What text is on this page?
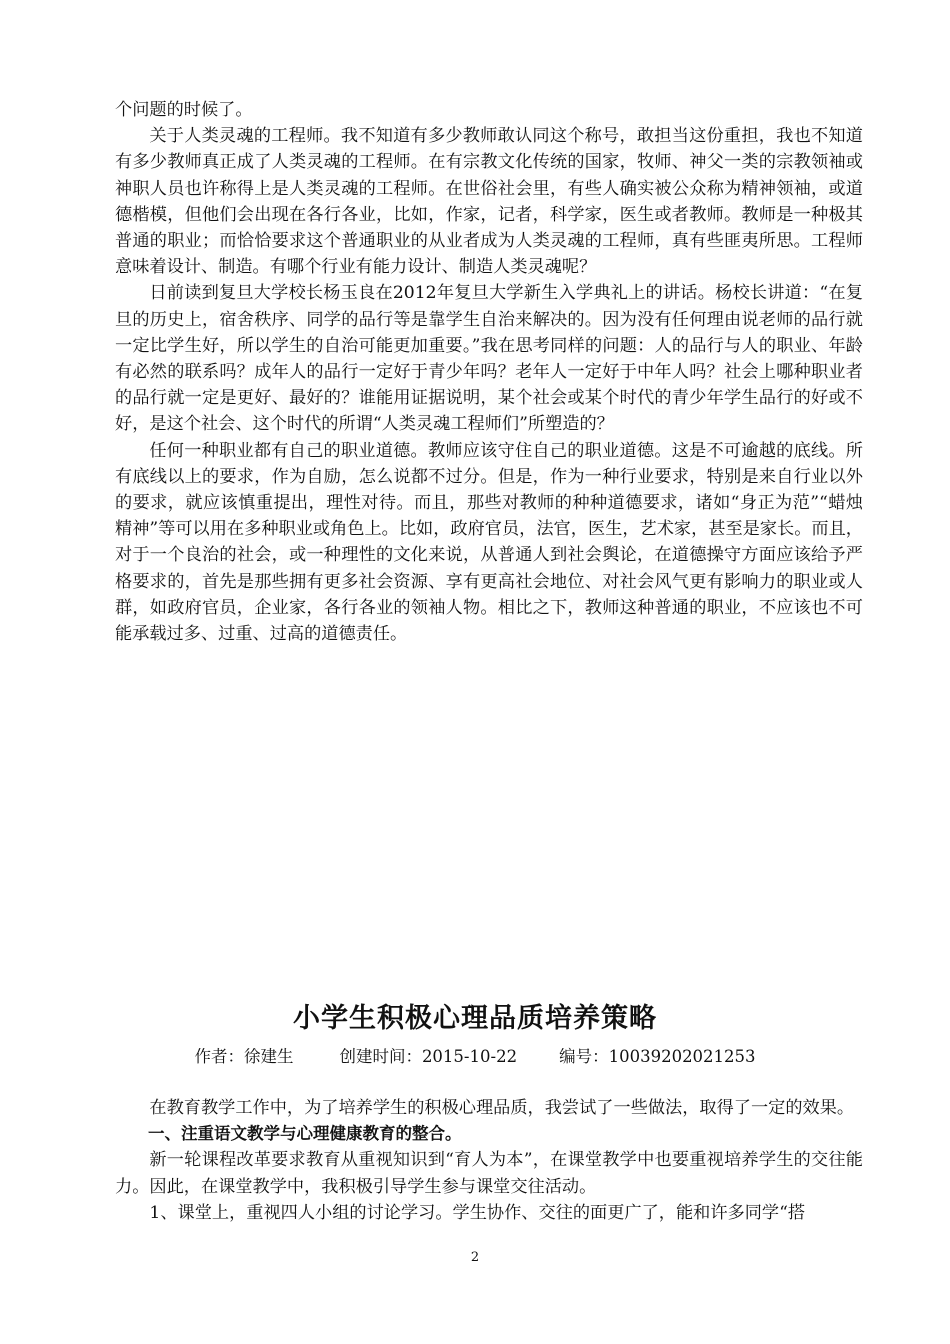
个问题的时候了。

关于人类灵魂的工程师。我不知道有多少教师敢认同这个称号，敢担当这份重担，我也不知道有多少教师真正成了人类灵魂的工程师。在有宗教文化传统的国家，牧师、神父一类的宗教领袖或神职人员也许称得上是人类灵魂的工程师。在世俗社会里，有些人确实被公众称为精神领袖，或道德楷模，但他们会出现在各行各业，比如，作家，记者，科学家，医生或者教师。教师是一种极其普通的职业；而恰恰要求这个普通职业的从业者成为人类灵魂的工程师，真有些匪夷所思。工程师意味着设计、制造。有哪个行业有能力设计、制造人类灵魂呢？

日前读到复旦大学校长杨玉良在2012年复旦大学新生入学典礼上的讲话。杨校长讲道：“在复旦的历史上，宿舍秩序、同学的品行等是靠学生自治来解决的。因为没有任何理由说老师的品行就一定比学生好，所以学生的自治可能更加重要。”我在思考同样的问题：人的品行与人的职业、年龄有必然的联系吗？成年人的品行一定好于青少年吗？老年人一定好于中年人吗？社会上哪种职业者的品行就一定是更好、最好的？谁能用证据说明，某个社会或某个时代的青少年学生品行的好或不好，是这个社会、这个时代的所谓“人类灵魂工程师们”所塑造的？

任何一种职业都有自己的职业道德。教师应该守住自己的职业道德。这是不可逾越的底线。所有底线以上的要求，作为自励，怎么说都不过分。但是，作为一种行业要求，特别是来自行业以外的要求，就应该慎重提出，理性对待。而且，那些对教师的种种道德要求，诸如“身正为范”“蜡烛精神”等可以用在多种职业或角色上。比如，政府官员，法官，医生，艺术家，甚至是家长。而且，对于一个良治的社会，或一种理性的文化来说，从普通人到社会舆论，在道德操守方面应该给予严格要求的，首先是那些拥有更多社会资源、享有更高社会地位、对社会风气更有影响力的职业或人群，如政府官员，企业家，各行各业的领袖人物。相比之下，教师这种普通的职业，不应该也不可能承载过多、过重、过高的道德责任。

小学生积极心理品质培养策略
作者：徐建生	创建时间：2015-10-22	编号：10039202021253

在教育教学工作中，为了培养学生的积极心理品质，我尝试了一些做法，取得了一定的效果。

一、注重语文教学与心理健康教育的整合。

新一轮课程改革要求教育从重视知识到“育人为本”，在课堂教学中也要重视培养学生的交往能力。因此，在课堂教学中，我积极引导学生参与课堂交往活动。

1、课堂上，重视四人小组的讨论学习。学生协作、交往的面更广了，能和许多同学“搭

2
